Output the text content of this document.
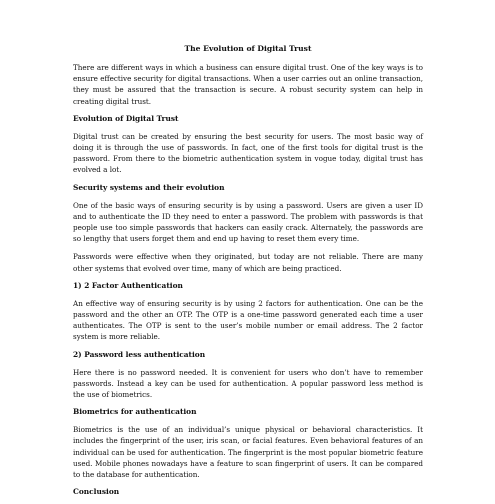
The Evolution of Digital Trust

There are different ways in which a business can ensure digital trust. One of the key ways is to ensure effective security for digital transactions. When a user carries out an online transaction, they must be assured that the transaction is secure. A robust security system can help in creating digital trust.

Evolution of Digital Trust

Digital trust can be created by ensuring the best security for users. The most basic way of doing it is through the use of passwords. In fact, one of the first tools for digital trust is the password. From there to the biometric authentication system in vogue today, digital trust has evolved a lot.

Security systems and their evolution

One of the basic ways of ensuring security is by using a password. Users are given a user ID and to authenticate the ID they need to enter a password. The problem with passwords is that people use too simple passwords that hackers can easily crack. Alternately, the passwords are so lengthy that users forget them and end up having to reset them every time.

Passwords were effective when they originated, but today are not reliable. There are many other systems that evolved over time, many of which are being practiced.

1) 2 Factor Authentication

An effective way of ensuring security is by using 2 factors for authentication. One can be the password and the other an OTP. The OTP is a one-time password generated each time a user authenticates. The OTP is sent to the user’s mobile number or email address. The 2 factor system is more reliable.

2) Password less authentication

Here there is no password needed. It is convenient for users who don’t have to remember passwords. Instead a key can be used for authentication. A popular password less method is the use of biometrics.

Biometrics for authentication

Biometrics is the use of an individual’s unique physical or behavioral characteristics. It includes the fingerprint of the user, iris scan, or facial features. Even behavioral features of an individual can be used for authentication. The fingerprint is the most popular biometric feature used. Mobile phones nowadays have a feature to scan fingerprint of users. It can be compared to the database for authentication.

Conclusion
